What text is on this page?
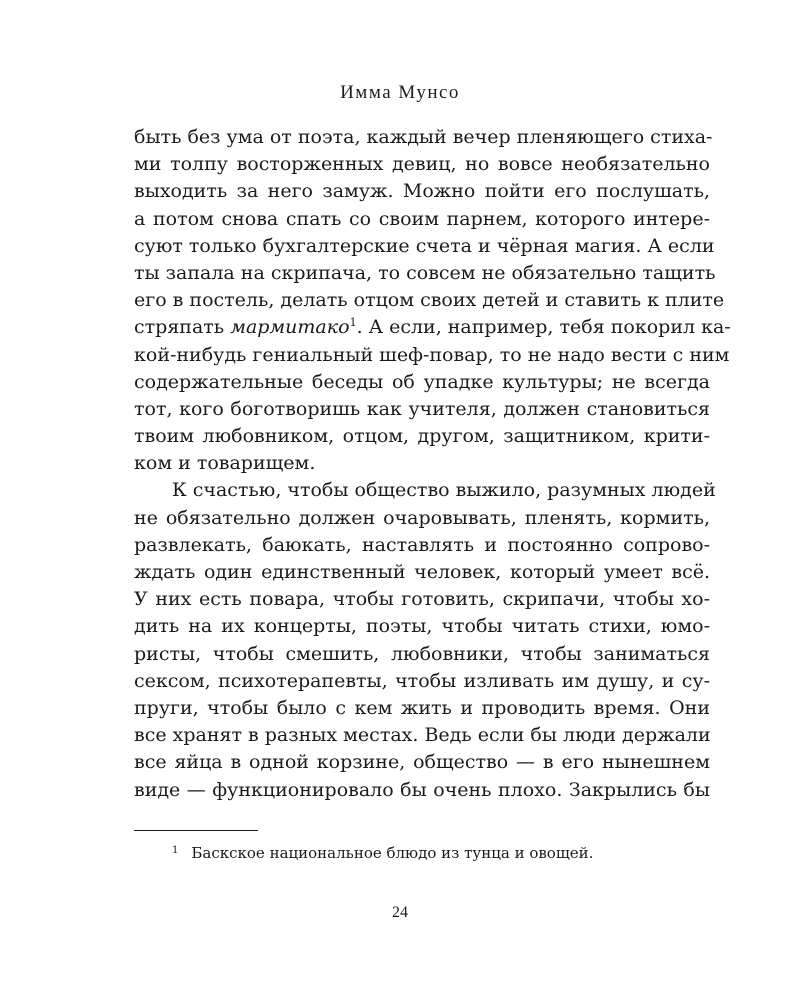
Имма Мунсо
быть без ума от поэта, каждый вечер пленяющего стиха-
ми толпу восторженных девиц, но вовсе необязательно
выходить за него замуж. Можно пойти его послушать,
а потом снова спать со своим парнем, которого интере-
суют только бухгалтерские счета и чёрная магия. А если
ты запала на скрипача, то совсем не обязательно тащить
его в постель, делать отцом своих детей и ставить к плите
стряпать мармитако$^1$. А если, например, тебя покорил ка-
кой-нибудь гениальный шеф-повар, то не надо вести с ним
содержательные беседы об упадке культуры; не всегда
тот, кого боготворишь как учителя, должен становиться
твоим любовником, отцом, другом, защитником, крити-
ком и товарищем.
К счастью, чтобы общество выжило, разумных людей
не обязательно должен очаровывать, пленять, кормить,
развлекать, баюкать, наставлять и постоянно сопрово-
ждать один единственный человек, который умеет всё.
У них есть повара, чтобы готовить, скрипачи, чтобы хо-
дить на их концерты, поэты, чтобы читать стихи, юмо-
ристы, чтобы смешить, любовники, чтобы заниматься
сексом, психотерапевты, чтобы изливать им душу, и су-
пруги, чтобы было с кем жить и проводить время. Они
все хранят в разных местах. Ведь если бы люди держали
все яйца в одной корзине, общество — в его нынешнем
виде — функционировало бы очень плохо. Закрылись бы
$^1$ Баскское национальное блюдо из тунца и овощей.
24
